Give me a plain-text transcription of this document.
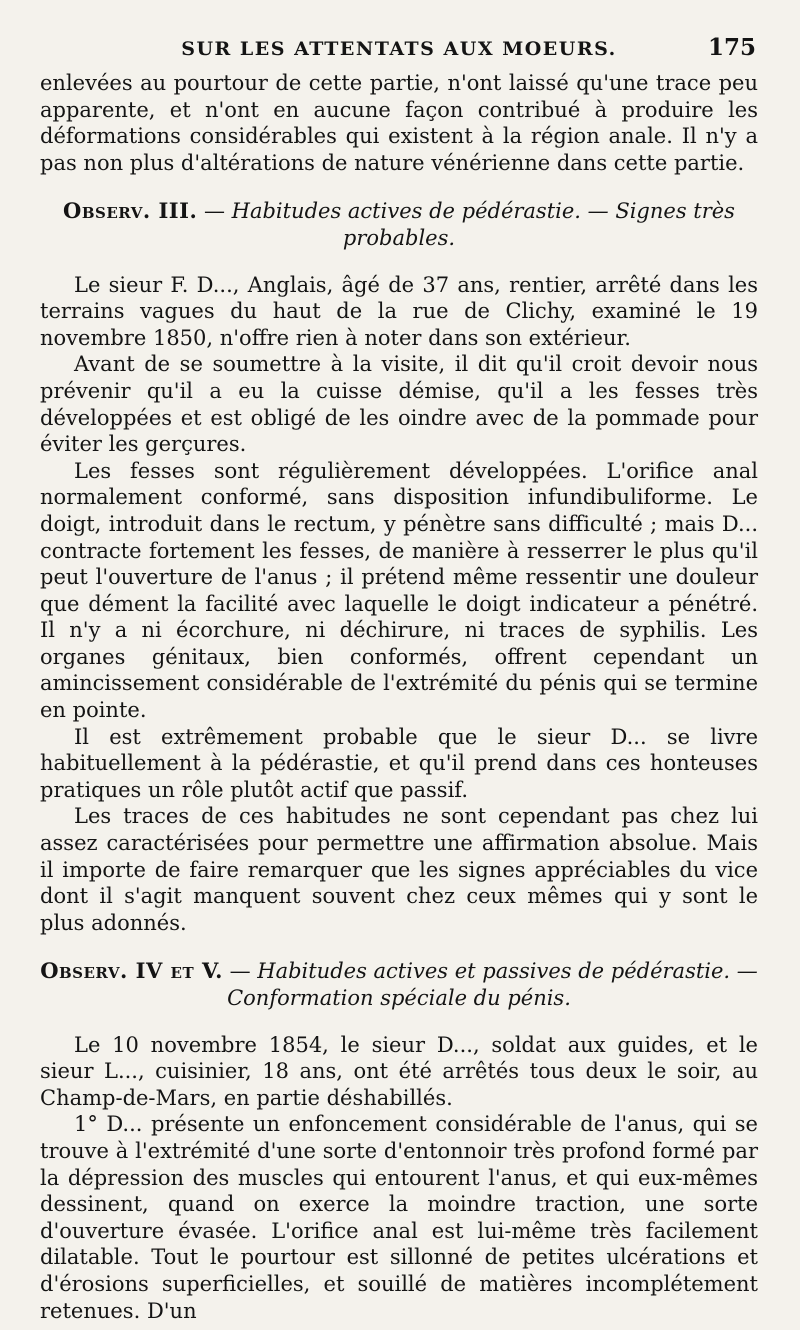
SUR LES ATTENTATS AUX MOEURS.	175

enlevées au pourtour de cette partie, n'ont laissé qu'une trace peu apparente, et n'ont en aucune façon contribué à produire les déformations considérables qui existent à la région anale. Il n'y a pas non plus d'altérations de nature vénérienne dans cette partie.

Observ. III. — Habitudes actives de pédérastie. — Signes très probables.

Le sieur F. D..., Anglais, âgé de 37 ans, rentier, arrêté dans les terrains vagues du haut de la rue de Clichy, examiné le 19 novembre 1850, n'offre rien à noter dans son extérieur.

Avant de se soumettre à la visite, il dit qu'il croit devoir nous prévenir qu'il a eu la cuisse démise, qu'il a les fesses très développées et est obligé de les oindre avec de la pommade pour éviter les gerçures.

Les fesses sont régulièrement développées. L'orifice anal normalement conformé, sans disposition infundibuliforme. Le doigt, introduit dans le rectum, y pénètre sans difficulté ; mais D... contracte fortement les fesses, de manière à resserrer le plus qu'il peut l'ouverture de l'anus ; il prétend même ressentir une douleur que dément la facilité avec laquelle le doigt indicateur a pénétré. Il n'y a ni écorchure, ni déchirure, ni traces de syphilis. Les organes génitaux, bien conformés, offrent cependant un amincissement considérable de l'extrémité du pénis qui se termine en pointe.

Il est extrêmement probable que le sieur D... se livre habituellement à la pédérastie, et qu'il prend dans ces honteuses pratiques un rôle plutôt actif que passif.

Les traces de ces habitudes ne sont cependant pas chez lui assez caractérisées pour permettre une affirmation absolue. Mais il importe de faire remarquer que les signes appréciables du vice dont il s'agit manquent souvent chez ceux mêmes qui y sont le plus adonnés.

Observ. IV et V. — Habitudes actives et passives de pédérastie. — Conformation spéciale du pénis.

Le 10 novembre 1854, le sieur D..., soldat aux guides, et le sieur L..., cuisinier, 18 ans, ont été arrêtés tous deux le soir, au Champ-de-Mars, en partie déshabillés.

1° D... présente un enfoncement considérable de l'anus, qui se trouve à l'extrémité d'une sorte d'entonnoir très profond formé par la dépression des muscles qui entourent l'anus, et qui eux-mêmes dessinent, quand on exerce la moindre traction, une sorte d'ouverture évasée. L'orifice anal est lui-même très facilement dilatable. Tout le pourtour est sillonné de petites ulcérations et d'érosions superficielles, et souillé de matières incomplétement retenues. D'un
